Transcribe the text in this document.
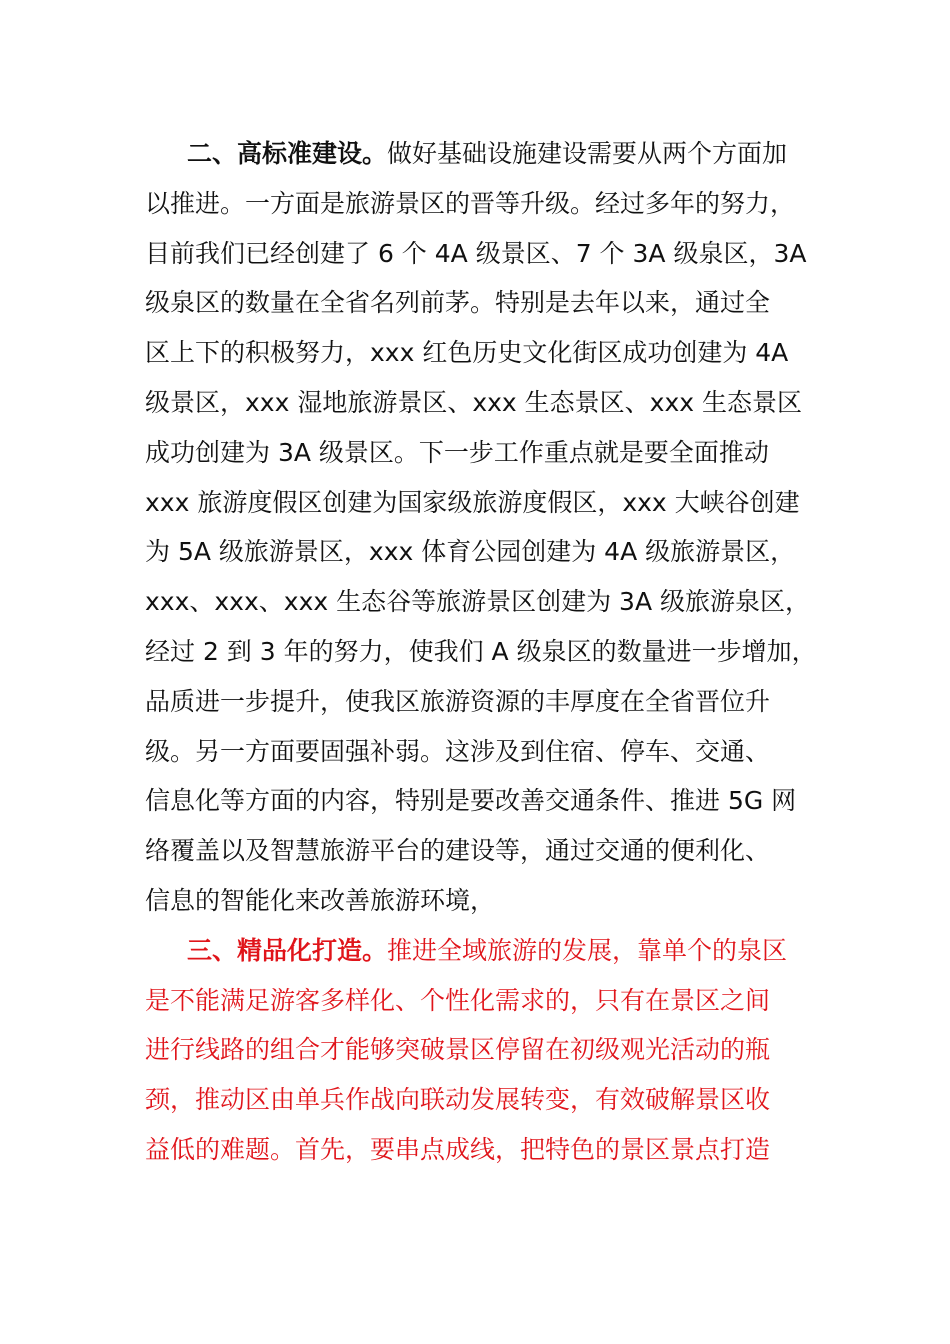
二、高标准建设。做好基础设施建设需要从两个方面加
以推进。一方面是旅游景区的晋等升级。经过多年的努力，
目前我们已经创建了 6 个 4A 级景区、7 个 3A 级泉区，3A
级泉区的数量在全省名列前茅。特别是去年以来，通过全
区上下的积极努力，xxx 红色历史文化街区成功创建为 4A
级景区，xxx 湿地旅游景区、xxx 生态景区、xxx 生态景区
成功创建为 3A 级景区。下一步工作重点就是要全面推动
xxx 旅游度假区创建为国家级旅游度假区，xxx 大峡谷创建
为 5A 级旅游景区，xxx 体育公园创建为 4A 级旅游景区，
xxx、xxx、xxx 生态谷等旅游景区创建为 3A 级旅游泉区，
经过 2 到 3 年的努力，使我们 A 级泉区的数量进一步增加，
品质进一步提升，使我区旅游资源的丰厚度在全省晋位升
级。另一方面要固强补弱。这涉及到住宿、停车、交通、
信息化等方面的内容，特别是要改善交通条件、推进 5G 网
络覆盖以及智慧旅游平台的建设等，通过交通的便利化、
信息的智能化来改善旅游环境，
三、精品化打造。推进全域旅游的发展，靠单个的泉区
是不能满足游客多样化、个性化需求的，只有在景区之间
进行线路的组合才能够突破景区停留在初级观光活动的瓶
颈，推动区由单兵作战向联动发展转变，有效破解景区收
益低的难题。首先，要串点成线，把特色的景区景点打造
